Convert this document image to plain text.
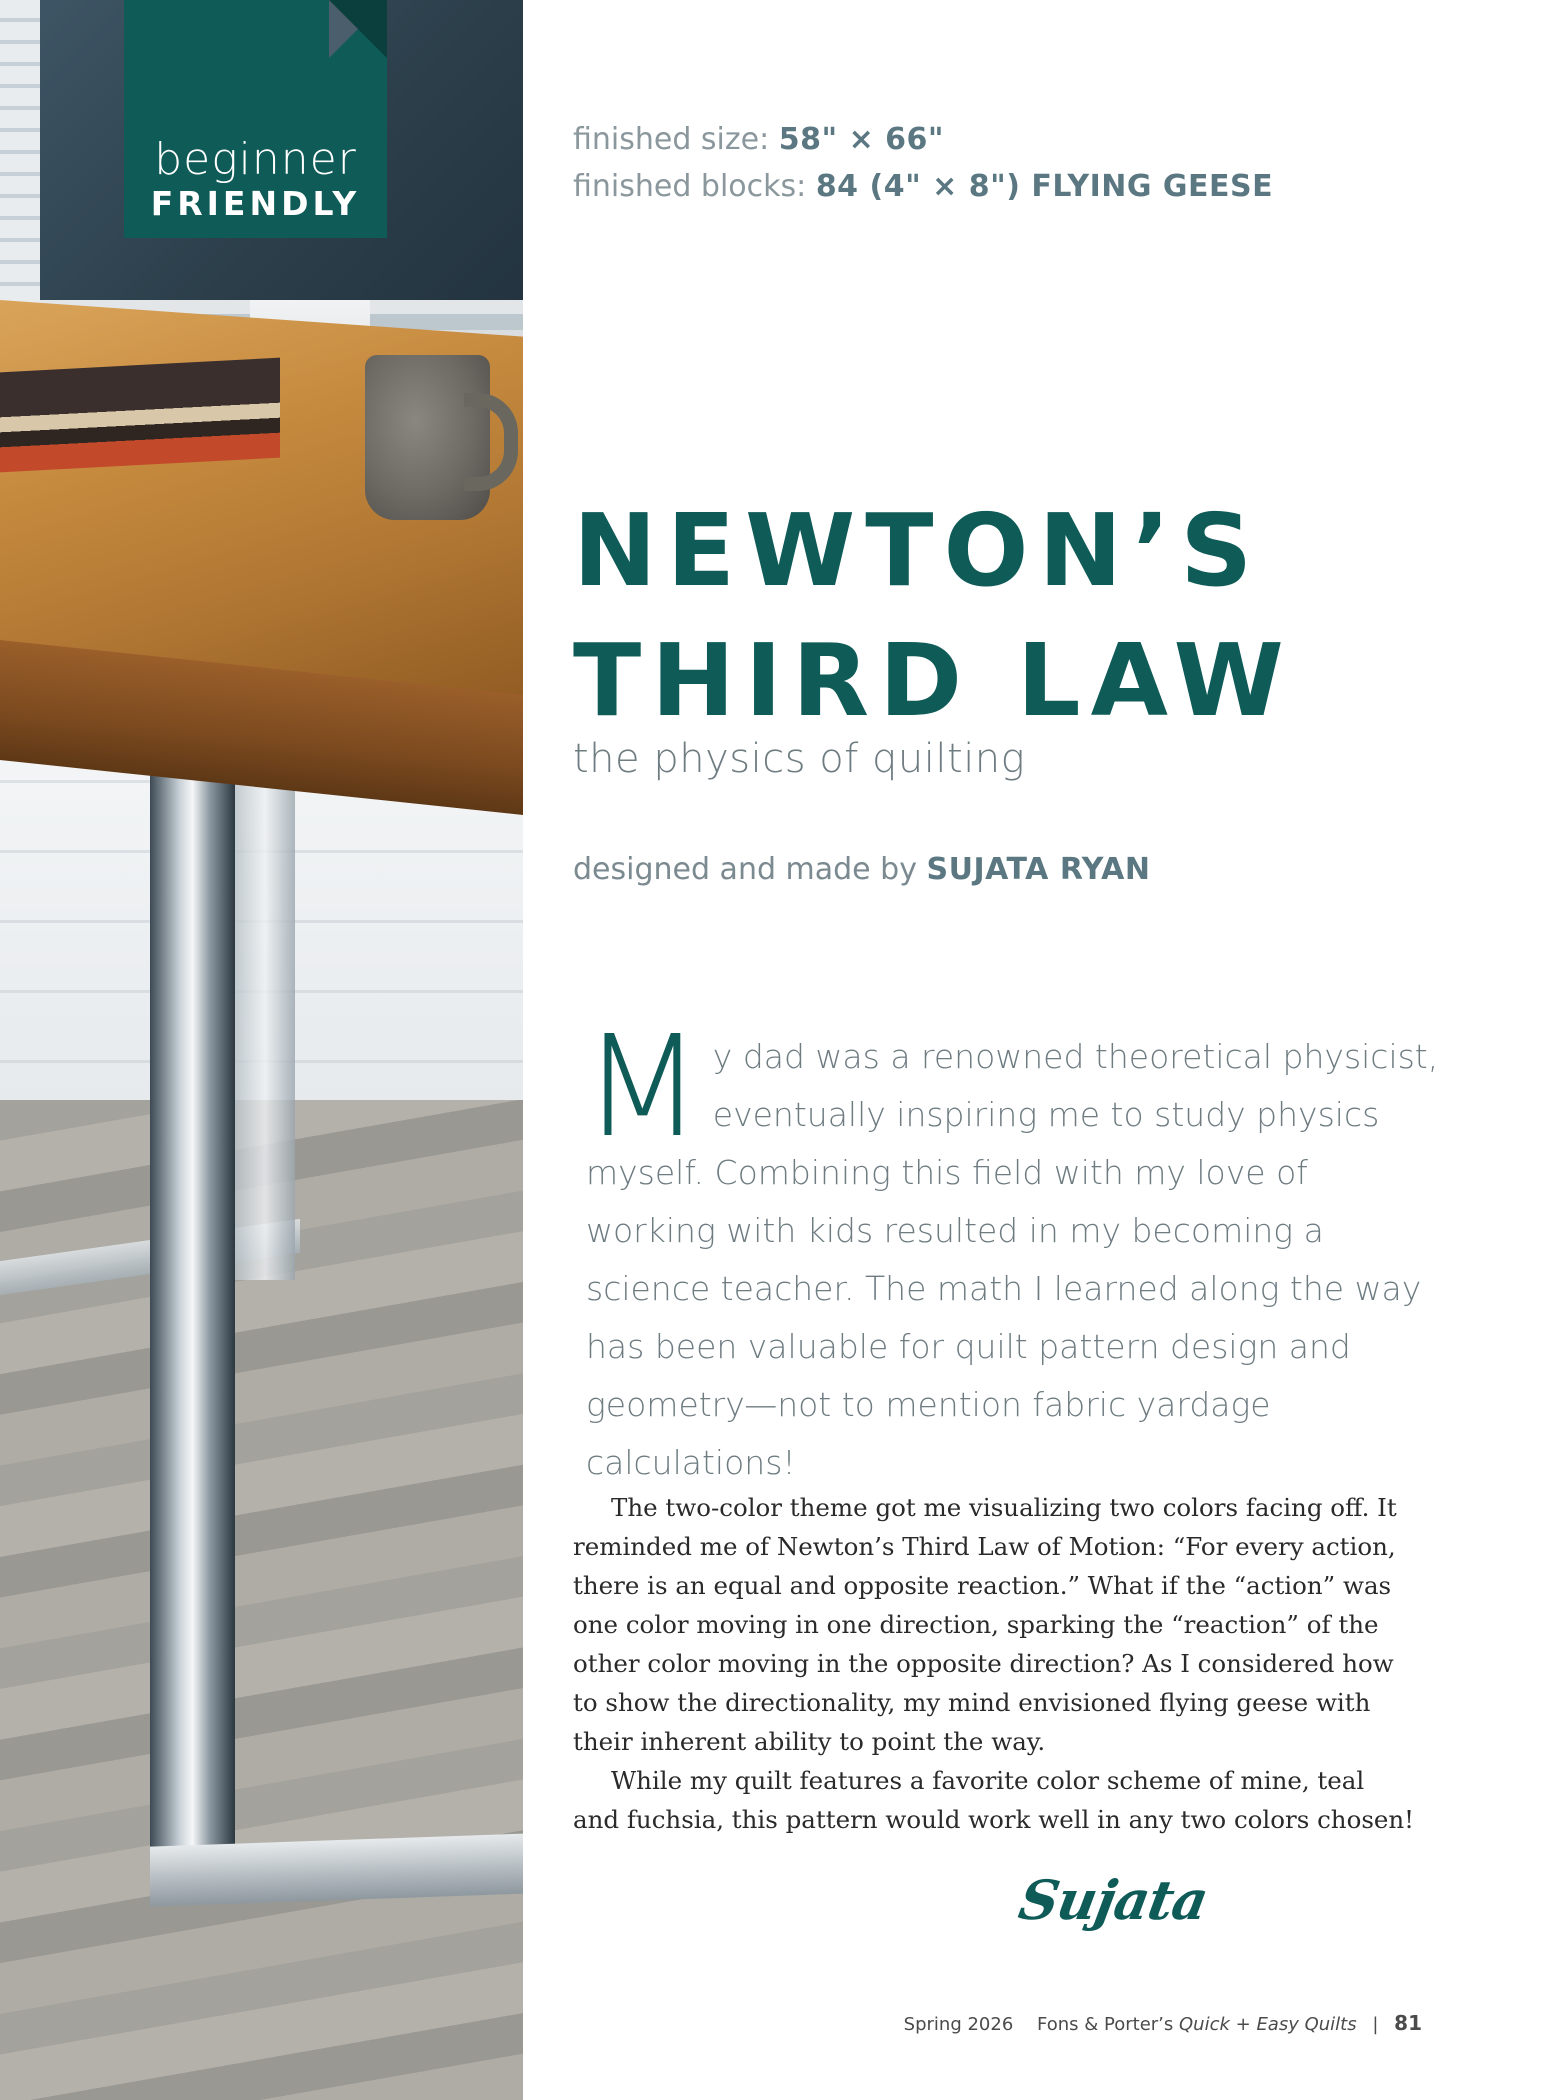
beginner
FRIENDLY
finished size: 58" × 66"
finished blocks: 84 (4" × 8") FLYING GEESE
NEWTON’S
THIRD LAW
the physics of quilting
designed and made by SUJATA RYAN
M y dad was a renowned theoretical physicist, eventually inspiring me to study physics myself. Combining this field with my love of working with kids resulted in my becoming a science teacher. The math I learned along the way has been valuable for quilt pattern design and geometry—not to mention fabric yardage calculations!

The two-color theme got me visualizing two colors facing off. It reminded me of Newton’s Third Law of Motion: “For every action, there is an equal and opposite reaction.” What if the “action” was one color moving in one direction, sparking the “reaction” of the other color moving in the opposite direction? As I considered how to show the directionality, my mind envisioned flying geese with their inherent ability to point the way.

While my quilt features a favorite color scheme of mine, teal and fuchsia, this pattern would work well in any two colors chosen!

Sujata
Spring 2026 Fons & Porter’s Quick + Easy Quilts | 81
